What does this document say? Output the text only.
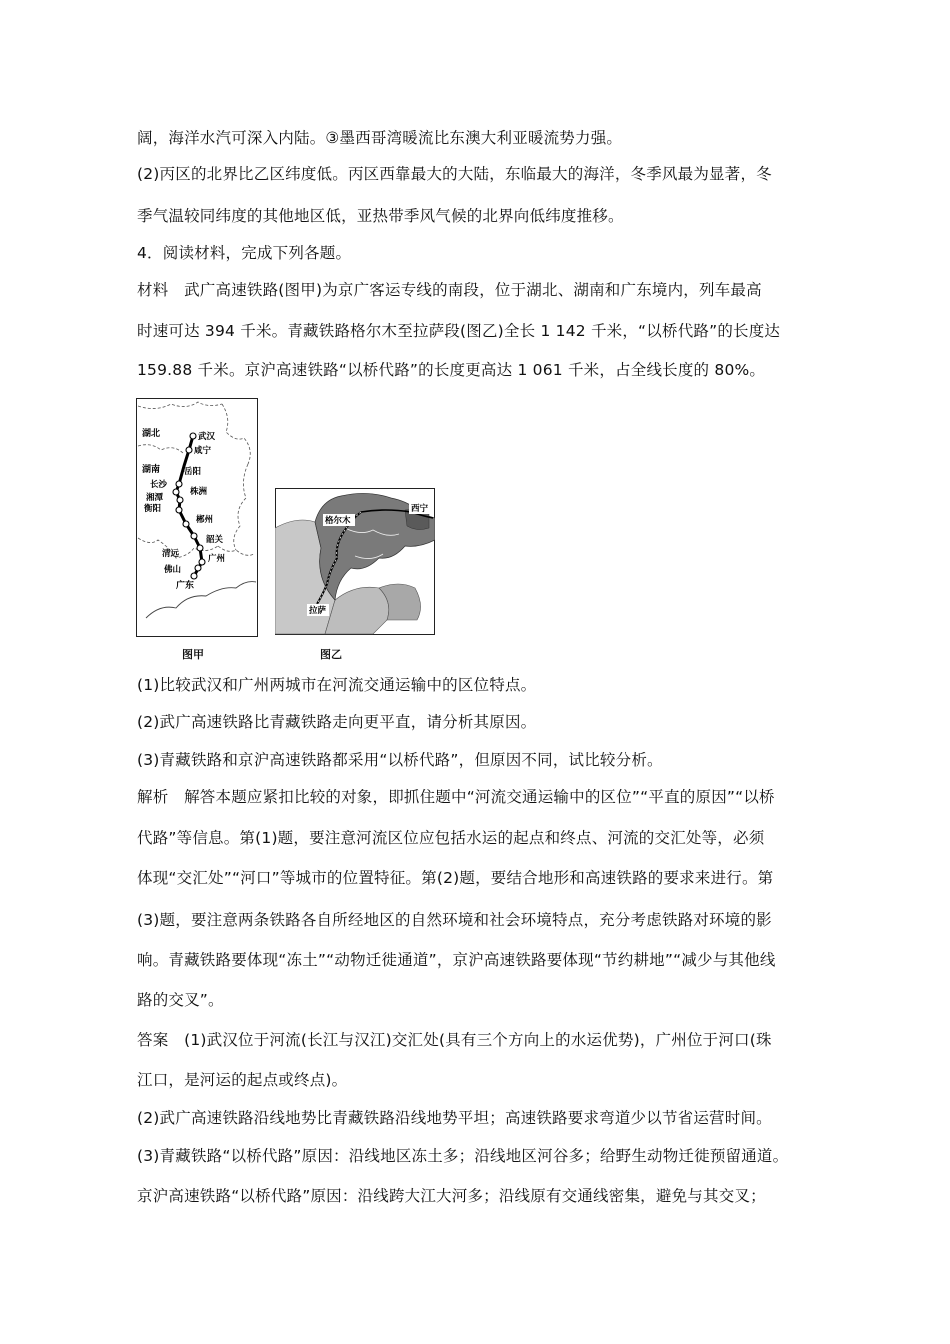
阔，海洋水汽可深入内陆。③墨西哥湾暖流比东澳大利亚暖流势力强。
(2)丙区的北界比乙区纬度低。丙区西靠最大的大陆，东临最大的海洋，冬季风最为显著，冬
季气温较同纬度的其他地区低，亚热带季风气候的北界向低纬度推移。
4．阅读材料，完成下列各题。
材料　武广高速铁路(图甲)为京广客运专线的南段，位于湖北、湖南和广东境内，列车最高
时速可达 394 千米。青藏铁路格尔木至拉萨段(图乙)全长 1 142 千米，“以桥代路”的长度达
159.88 千米。京沪高速铁路“以桥代路”的长度更高达 1 061 千米，占全线长度的 80%。
湖北
湖南
广东
武汉
咸宁
岳阳
株洲
长沙
湘潭
衡阳
郴州
韶关
清远	广州
佛山
图甲
格尔木
西宁
拉萨
图乙
(1)比较武汉和广州两城市在河流交通运输中的区位特点。
(2)武广高速铁路比青藏铁路走向更平直，请分析其原因。
(3)青藏铁路和京沪高速铁路都采用“以桥代路”，但原因不同，试比较分析。
解析　解答本题应紧扣比较的对象，即抓住题中“河流交通运输中的区位”“平直的原因”“以桥
代路”等信息。第(1)题，要注意河流区位应包括水运的起点和终点、河流的交汇处等，必须
体现“交汇处”“河口”等城市的位置特征。第(2)题，要结合地形和高速铁路的要求来进行。第
(3)题，要注意两条铁路各自所经地区的自然环境和社会环境特点，充分考虑铁路对环境的影
响。青藏铁路要体现“冻土”“动物迁徙通道”，京沪高速铁路要体现“节约耕地”“减少与其他线
路的交叉”。
答案　(1)武汉位于河流(长江与汉江)交汇处(具有三个方向上的水运优势)，广州位于河口(珠
江口，是河运的起点或终点)。
(2)武广高速铁路沿线地势比青藏铁路沿线地势平坦；高速铁路要求弯道少以节省运营时间。
(3)青藏铁路“以桥代路”原因：沿线地区冻土多；沿线地区河谷多；给野生动物迁徙预留通道。
京沪高速铁路“以桥代路”原因：沿线跨大江大河多；沿线原有交通线密集，避免与其交叉；
